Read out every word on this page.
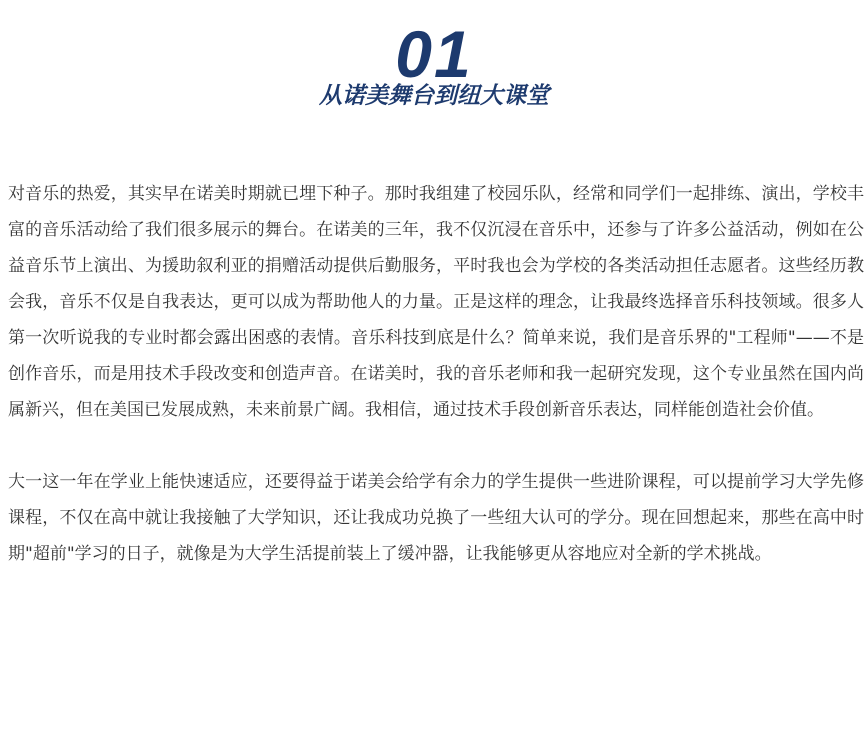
01
从诺美舞台到纽大课堂

对音乐的热爱，其实早在诺美时期就已埋下种子。那时我组建了校园乐队，经常和同学们一起排练、演出，学校丰富的音乐活动给了我们很多展示的舞台。在诺美的三年，我不仅沉浸在音乐中，还参与了许多公益活动，例如在公益音乐节上演出、为援助叙利亚的捐赠活动提供后勤服务，平时我也会为学校的各类活动担任志愿者。这些经历教会我，音乐不仅是自我表达，更可以成为帮助他人的力量。正是这样的理念，让我最终选择音乐科技领域。很多人第一次听说我的专业时都会露出困惑的表情。音乐科技到底是什么？简单来说，我们是音乐界的"工程师"——不是创作音乐，而是用技术手段改变和创造声音。在诺美时，我的音乐老师和我一起研究发现，这个专业虽然在国内尚属新兴，但在美国已发展成熟，未来前景广阔。我相信，通过技术手段创新音乐表达，同样能创造社会价值。

大一这一年在学业上能快速适应，还要得益于诺美会给学有余力的学生提供一些进阶课程，可以提前学习大学先修课程，不仅在高中就让我接触了大学知识，还让我成功兑换了一些纽大认可的学分。现在回想起来，那些在高中时期"超前"学习的日子，就像是为大学生活提前装上了缓冲器，让我能够更从容地应对全新的学术挑战。
